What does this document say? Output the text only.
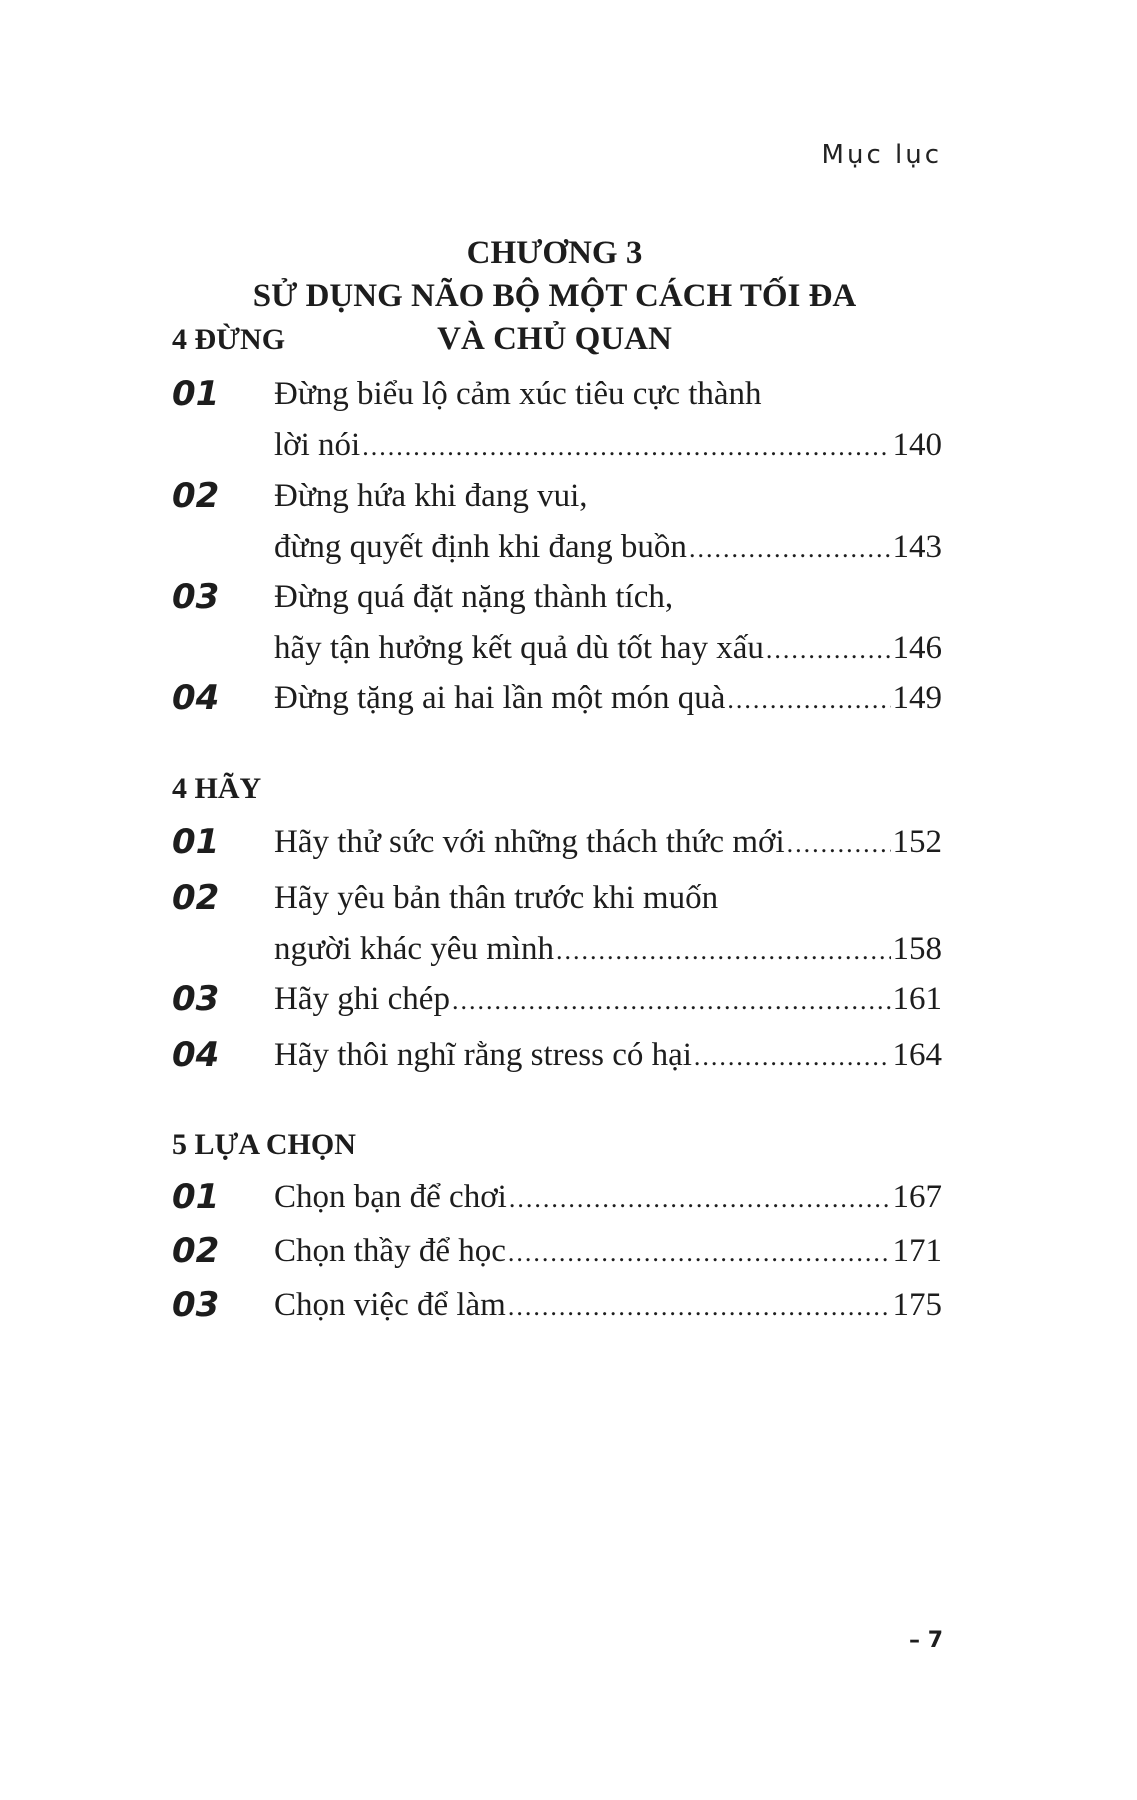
Mục lục
CHƯƠNG 3
SỬ DỤNG NÃO BỘ MỘT CÁCH TỐI ĐA
VÀ CHỦ QUAN
4 ĐỪNG
01 Đừng biểu lộ cảm xúc tiêu cực thành
lời nói .....	140
02 Đừng hứa khi đang vui,
đừng quyết định khi đang buồn .....	143
03 Đừng quá đặt nặng thành tích,
hãy tận hưởng kết quả dù tốt hay xấu .....	146
04 Đừng tặng ai hai lần một món quà .....	149
4 HÃY
01 Hãy thử sức với những thách thức mới .....	152
02 Hãy yêu bản thân trước khi muốn
người khác yêu mình .....	158
03 Hãy ghi chép .....	161
04 Hãy thôi nghĩ rằng stress có hại .....	164
5 LỰA CHỌN
01 Chọn bạn để chơi .....	167
02 Chọn thầy để học .....	171
03 Chọn việc để làm .....	175
– 7
